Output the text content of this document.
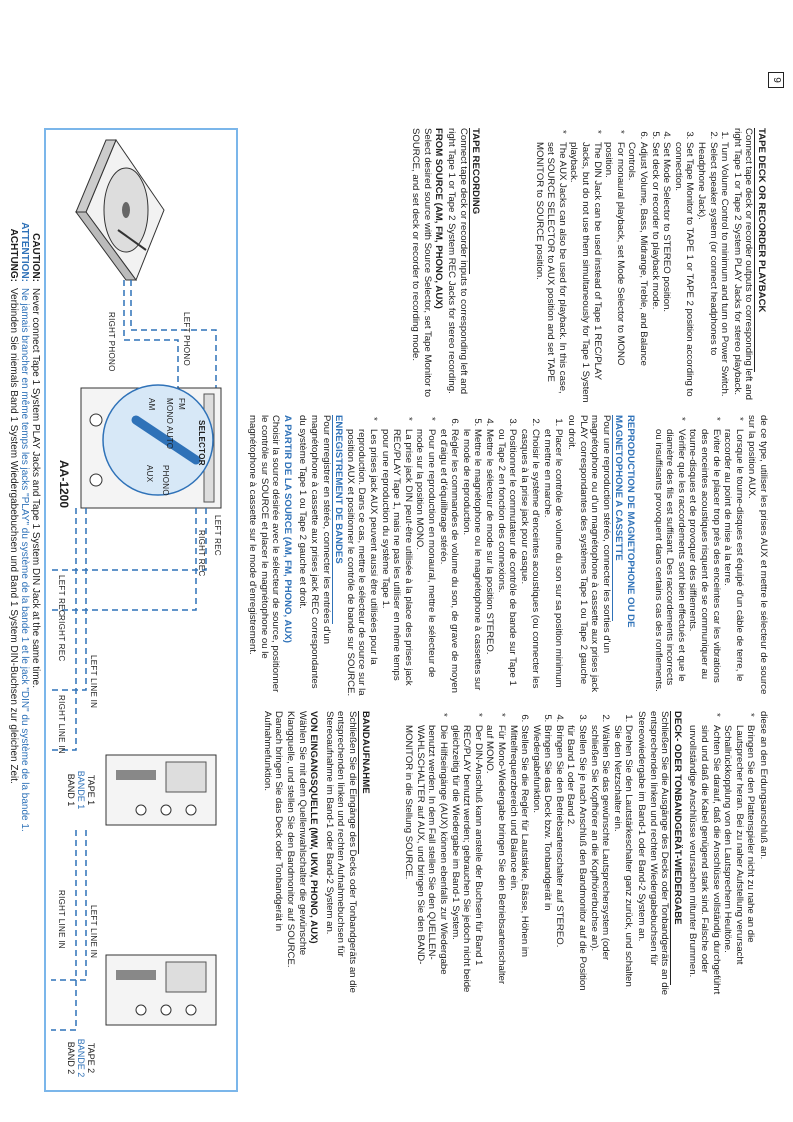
9
TAPE DECK OR RECORDER PLAYBACK

Connect tape deck or recorder outputs to corresponding left and right Tape 1 or Tape 2 System PLAY Jacks for stereo playback.

1. Turn Volume Control to minimum and turn on Power Switch.
2. Select speaker system (or connect headphones to Headphone Jack).
3. Set Tape Monitor to TAPE 1 or TAPE 2 position according to connection.
4. Set Mode Selector to STEREO position.
5. Set deck or recorder to playback mode.
6. Adjust Volume, Bass, Midrange, Treble, and Balance Controls.
* For monaural playback, set Mode Selector to MONO position.
* The DIN Jack can be used instead of Tape 1 REC/PLAY Jacks, but do not use them simultaneously for Tape 1 System playback.
* The AUX Jacks can also be used for playback. In this case, set SOURCE SELECTOR to AUX position and set TAPE MONITOR to SOURCE position.
TAPE RECORDING

Connect tape deck or recorder inputs to corresponding left and right Tape 1 or Tape 2 System REC Jacks for stereo recording.

FROM SOURCE (AM, FM, PHONO, AUX)

Select desired source with Source Selector, set Tape Monitor to SOURCE, and set deck or recorder to recording mode.

de ce type, utiliser les prises AUX et mettre le sélecteur de source sur la position AUX.

* Lorsque le tourne-disques est équipé d'un câble de terre, le raccorder au point de mise à la terre.
* Eviter de le placer trop près des enceintes car les vibrations des enceintes acoustiques risquent de se communiquer au tourne-disques et de provoquer des sifflements.
* Vérifier que les raccordements sont bien effectués et que le diamètre des fils est suffisant. Des raccordements incorrects ou insuffisants provoquent dans certains cas des ronflements.
REPRODUCTION DE MAGNETOPHONE OU DE
MAGNETOPHONE A CASSETTE

Pour une reproduction stéréo, connecter les sorties d'un magnétophone ou d'un magnétophone à cassette aux prises jack PLAY correspondantes des systèmes Tape 1 ou Tape 2 gauche ou droit.

1. Placer le contrôle de volume du son sur sa position minimum et mettre en marche.
2. Choisir le système d'enceintes acoustiques (ou connecter les casques à la prise jack pour casque.
3. Positionner le commutateur de contrôle de bande sur Tape 1 ou Tape 2 en fonction des connexions.
4. Mettre le sélecteur de mode sur la position STEREO.
5. Mettre le magnétophone ou le magnétophone à cassettes sur le mode de reproduction.
6. Régler les commandes de volume du son, de grave de moyen et d'aigu et d'équilibrage stéréo.
* Pour une reproduction en monaural, mettre le sélecteur de mode sur la position MONO.
* La prise jack DIN peut-être utilisée à la place des prises jack REC/PLAY Tape 1, mais ne pas les utiliser en même temps pour une reproduction du système Tape 1.
* Les prises jack AUX peuvent aussi être utilisées pour la reproduction. Dans ce cas, mettre le sélecteur de source sur la position AUX et positionner le contrôle de bande sur SOURCE.
ENREGISTREMENT DE BANDES

Pour enregistrer en stéréo, connecter les entrées d'un magnétophone à cassette aux prises jack REC correspondantes du système Tape 1 ou Tape 2 gauche et droit.

A PARTIR DE LA SOURCE (AM, FM, PHONO, AUX)

Choisir la source désirée avec le sélecteur de source, positionner le contrôle sur SOURCE et placer le magnétophone ou le magnétophone à cassette sur le mode d'enregistrement.

diese an den Erdungsanschluß an.

* Bringen Sie den Plattenspieler nicht zu nahe an die Lautsprecher heran. Bei zu naher Aufstellung verursacht Schallrückkopplung von den Lautsprechern Heultöne.
* Achten Sie darauf, daß die Anschlüsse vollständig durchgeführt sind und daß die Kabel genügend stark sind. Falsche oder unvollständige Anschlüsse verursachen mitunter Brummen.
DECK- ODER TONBANDGERÄT-WIEDERGABE

Schließen Sie die Ausgänge des Decks oder Tonbandgeräts an die entsprechenden linken und rechten Wiedergabebuchsen für Stereowiedergabe im Band-1 oder Band-2 System an.

1. Drehen Sie den Lautstärkeschalter ganz zurück, und schalten Sie den Netzschalter ein.
2. Wählen Sie das gewünschte Lautsprechersystem (oder schließen Sie Kopfhörer an die Kopfhörerbuchse an).
3. Stellen Sie je nach Anschluß den Bandmonitor auf die Position für Band 1 oder Band 2.
4. Bringen Sie den Betriebsartenschalter auf STEREO.
5. Bringen Sie das Deck bzw. Tonbandgerät in Wiedergabefunktion.
6. Stellen Sie die Regler für Lautstärke, Bässe, Höhen im Mittelfrequenzbereich und Balance ein.
* Für Mono-Wiedergabe bringen Sie den Betriebsartenschalter auf MONO.
* Der DIN-Anschluß kann anstelle der Buchsen für Band 1 REC/PLAY benutzt werden; gebrauchen Sie jedoch nicht beide gleichzeitig für die Wiedergabe im Band-1 System.
* Die Hilfseingänge (AUX) können ebenfalls zur Wiedergabe benutzt werden. In dem Fall stellen Sie den QUELLEN-WAHLSCHALTER auf AUX, und bringen Sie den BAND-MONITOR in die Stellung SOURCE.
BANDAUFNAHME

Schließen Sie die Eingänge des Decks oder Tonbandgeräts an die entsprechenden linken und rechten Aufnahmebuchsen für Stereoaufnahme im Band-1 oder Band-2 System an.

VON EINGANGSQUELLE (MW, UKW, PHONO, AUX)

Wählen Sie mit dem Quellenwahlschalter die gewünschte Klangquelle, und stellen Sie den Bandmonitor auf SOURCE. Danach bringen Sie das Deck oder Tonbandgerät in Aufnahmefunktion.

LEFT PHONO
RIGHT PHONO
LEFT REC
RIGHT REC
SELECTOR
FM
MONO
AUTO
AM
PHONO
AUX
AA-1200
LEFT REC
RIGHT REC
LEFT LINE IN
RIGHT LINE IN
TAPE 1
BANDE 1
BAND 1
LEFT LINE IN
RIGHT LINE IN
TAPE 2
BANDE 2
BAND 2
CAUTION:Never connect Tape 1 System PLAY Jacks and Tape 1 System DIN Jack at the same time.
ATTENTION:Ne jamais brancher en même temps les jacks "PLAY" du système de la bande 1 et le jack "DIN" du système de la bande 1.
ACHTUNG:Verbinden Sie niemals Band 1 System Wiedergabebuchsen und Band 1 System DIN-Buchsen zur gleichen Zeit.
